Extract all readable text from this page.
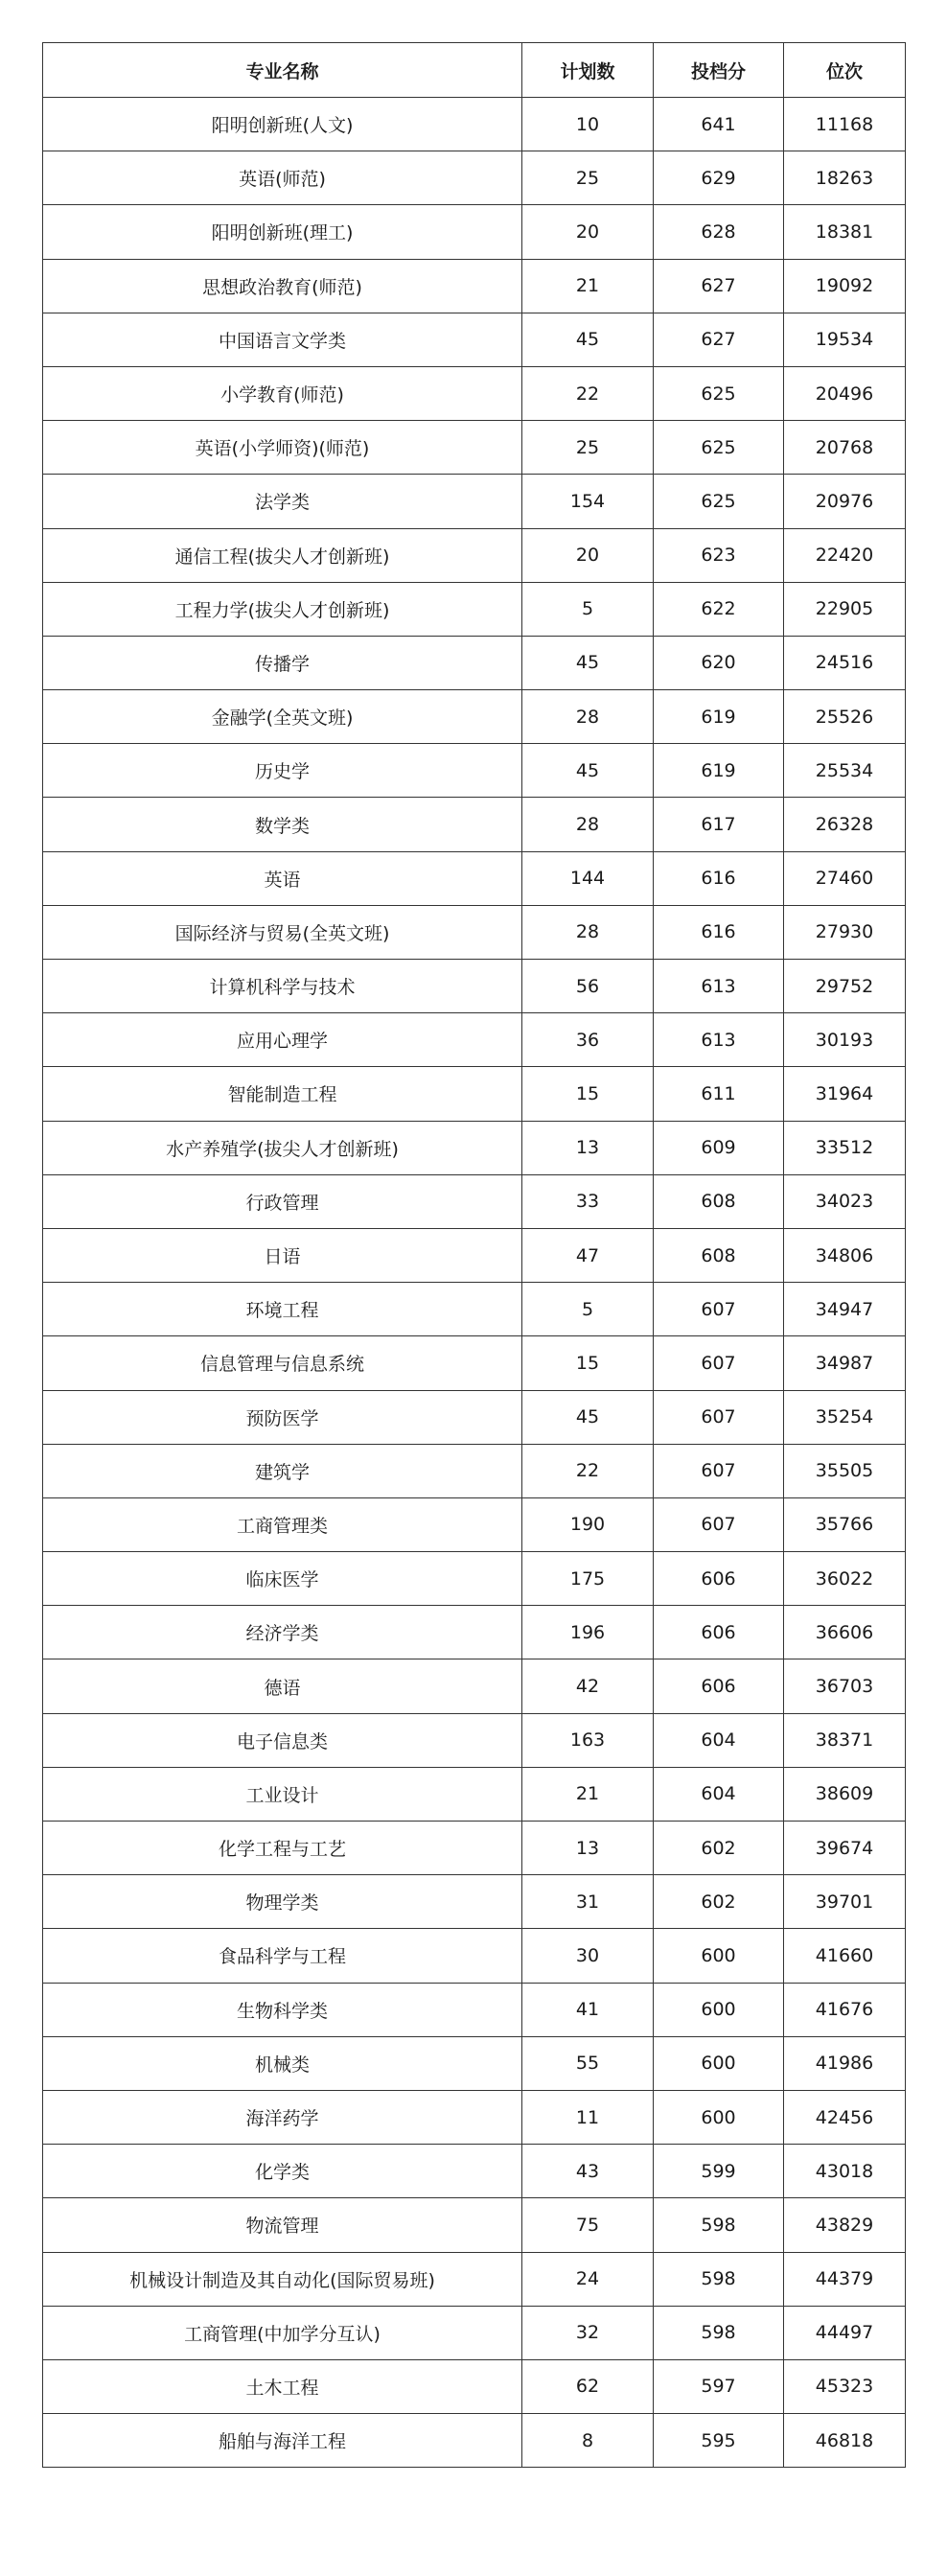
专业名称	计划数	投档分	位次
阳明创新班(人文)	10	641	11168
英语(师范)	25	629	18263
阳明创新班(理工)	20	628	18381
思想政治教育(师范)	21	627	19092
中国语言文学类	45	627	19534
小学教育(师范)	22	625	20496
英语(小学师资)(师范)	25	625	20768
法学类	154	625	20976
通信工程(拔尖人才创新班)	20	623	22420
工程力学(拔尖人才创新班)	5	622	22905
传播学	45	620	24516
金融学(全英文班)	28	619	25526
历史学	45	619	25534
数学类	28	617	26328
英语	144	616	27460
国际经济与贸易(全英文班)	28	616	27930
计算机科学与技术	56	613	29752
应用心理学	36	613	30193
智能制造工程	15	611	31964
水产养殖学(拔尖人才创新班)	13	609	33512
行政管理	33	608	34023
日语	47	608	34806
环境工程	5	607	34947
信息管理与信息系统	15	607	34987
预防医学	45	607	35254
建筑学	22	607	35505
工商管理类	190	607	35766
临床医学	175	606	36022
经济学类	196	606	36606
德语	42	606	36703
电子信息类	163	604	38371
工业设计	21	604	38609
化学工程与工艺	13	602	39674
物理学类	31	602	39701
食品科学与工程	30	600	41660
生物科学类	41	600	41676
机械类	55	600	41986
海洋药学	11	600	42456
化学类	43	599	43018
物流管理	75	598	43829
机械设计制造及其自动化(国际贸易班)	24	598	44379
工商管理(中加学分互认)	32	598	44497
土木工程	62	597	45323
船舶与海洋工程	8	595	46818
